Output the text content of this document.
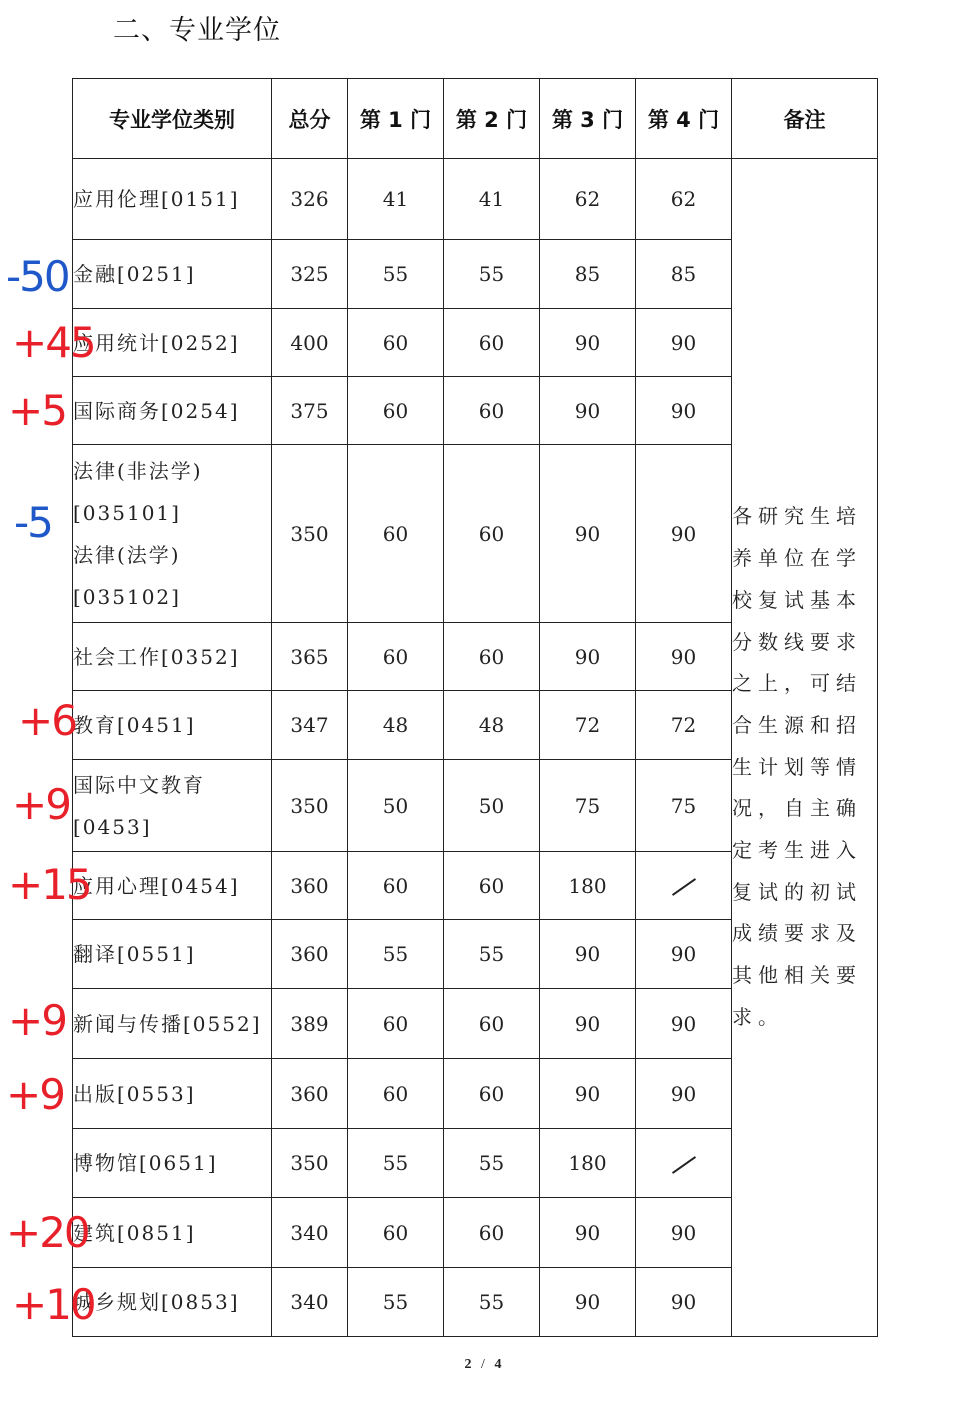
二、专业学位
专业学位类别	总分	第 1 门	第 2 门	第 3 门	第 4 门	备注
应用伦理[0151]	326	41	41	62	62	各研究生培养单位在学校复试基本分数线要求之上，可结合生源和招生计划等情况，自主确定考生进入复试的初试成绩要求及其他相关要求。
金融[0251]	325	55	55	85	85	
应用统计[0252]	400	60	60	90	90	
国际商务[0254]	375	60	60	90	90	

法律(非法学)
[035101]
法律(法学)
[035102]	350	60	60	90	90	
社会工作[0352]	365	60	60	90	90	
教育[0451]	347	48	48	72	72	

国际中文教育
[0453]	350	50	50	75	75	
应用心理[0454]	360	60	60	180		
翻译[0551]	360	55	55	90	90	
新闻与传播[0552]	389	60	60	90	90	
出版[0553]	360	60	60	90	90	
博物馆[0651]	350	55	55	180		
建筑[0851]	340	60	60	90	90	
城乡规划[0853]	340	55	55	90	90	
-50
+45
+5
-5
+6
+9
+15
+9
+9
+20
+10
2 / 4
